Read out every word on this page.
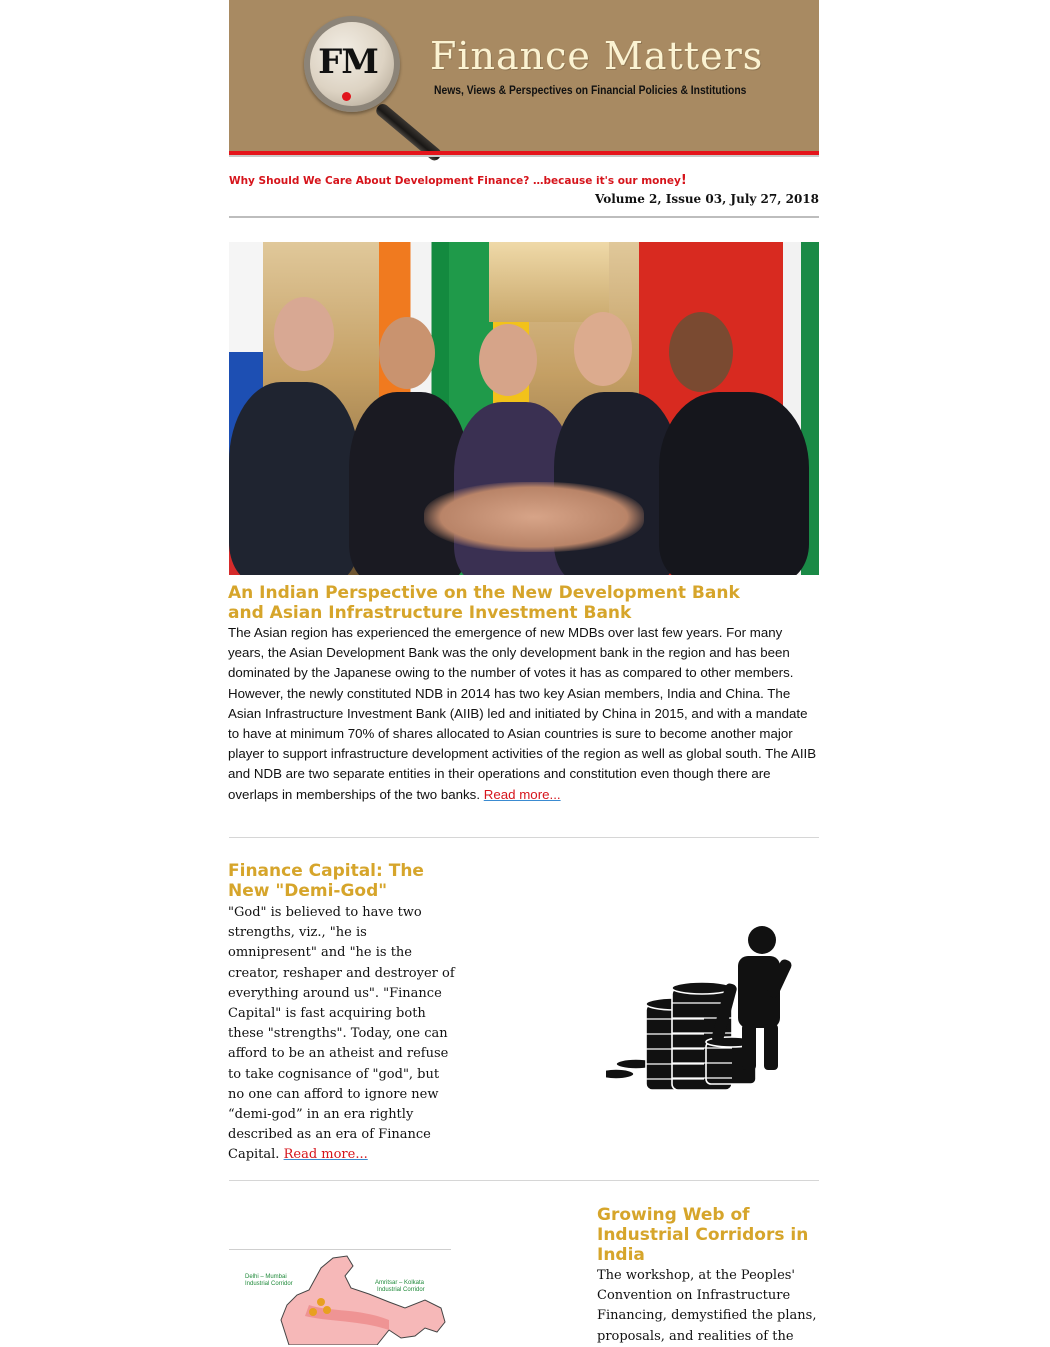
FM Finance Matters
News, Views & Perspectives on Financial Policies & Institutions
Why Should We Care About Development Finance? …because it's our money!
Volume 2, Issue 03, July 27, 2018
An Indian Perspective on the New Development Bank
and Asian Infrastructure Investment Bank
The Asian region has experienced the emergence of new MDBs over last few years. For many years, the Asian Development Bank was the only development bank in the region and has been dominated by the Japanese owing to the number of votes it has as compared to other members. However, the newly constituted NDB in 2014 has two key Asian members, India and China. The Asian Infrastructure Investment Bank (AIIB) led and initiated by China in 2015, and with a mandate to have at minimum 70% of shares allocated to Asian countries is sure to become another major player to support infrastructure development activities of the region as well as global south. The AIIB and NDB are two separate entities in their operations and constitution even though there are overlaps in memberships of the two banks. Read more...
Finance Capital: The
New "Demi-God"
"God" is believed to have two strengths, viz., "he is omnipresent" and "he is the creator, reshaper and destroyer of everything around us". "Finance Capital" is fast acquiring both these "strengths". Today, one can afford to be an atheist and refuse to take cognisance of "god", but no one can afford to ignore new “demi-god” in an era rightly described as an era of Finance Capital. Read more...
Delhi – Mumbai
Industrial Corridor	Amritsar – Kolkata
Industrial Corridor
Growing Web of
Industrial Corridors in
India
The workshop, at the Peoples' Convention on Infrastructure Financing, demystified the plans, proposals, and realities of the
